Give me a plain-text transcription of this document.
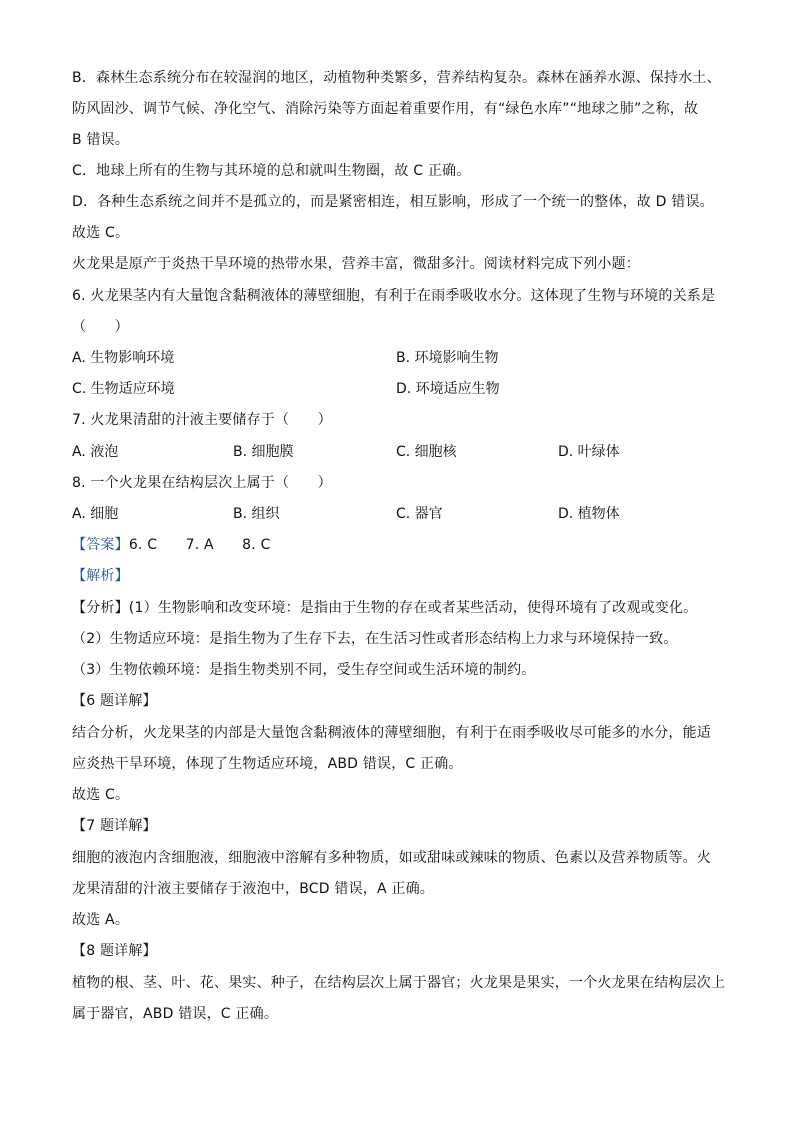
B．森林生态系统分布在较湿润的地区，动植物种类繁多，营养结构复杂。森林在涵养水源、保持水土、
防风固沙、调节气候、净化空气、消除污染等方面起着重要作用，有“绿色水库”“地球之肺”之称，故
B 错误。
C．地球上所有的生物与其环境的总和就叫生物圈，故 C 正确。
D．各种生态系统之间并不是孤立的，而是紧密相连，相互影响，形成了一个统一的整体，故 D 错误。
故选 C。
火龙果是原产于炎热干旱环境的热带水果，营养丰富，微甜多汁。阅读材料完成下列小题：
6. 火龙果茎内有大量饱含黏稠液体的薄壁细胞，有利于在雨季吸收水分。这体现了生物与环境的关系是
（　　）
A. 生物影响环境	B. 环境影响生物
C. 生物适应环境	D. 环境适应生物
7. 火龙果清甜的汁液主要储存于（　　）
A. 液泡	B. 细胞膜	C. 细胞核	D. 叶绿体
8. 一个火龙果在结构层次上属于（　　）
A. 细胞	B. 组织	C. 器官	D. 植物体
【答案】6. C　　7. A　　8. C
【解析】
【分析】(1）生物影响和改变环境：是指由于生物的存在或者某些活动，使得环境有了改观或变化。
（2）生物适应环境：是指生物为了生存下去，在生活习性或者形态结构上力求与环境保持一致。
（3）生物依赖环境：是指生物类别不同，受生存空间或生活环境的制约。
【6 题详解】
结合分析，火龙果茎的内部是大量饱含黏稠液体的薄壁细胞，有利于在雨季吸收尽可能多的水分，能适
应炎热干旱环境，体现了生物适应环境，ABD 错误，C 正确。
故选 C。
【7 题详解】
细胞的液泡内含细胞液，细胞液中溶解有多种物质，如或甜味或辣味的物质、色素以及营养物质等。火
龙果清甜的汁液主要储存于液泡中，BCD 错误，A 正确。
故选 A。
【8 题详解】
植物的根、茎、叶、花、果实、种子，在结构层次上属于器官；火龙果是果实，一个火龙果在结构层次上
属于器官，ABD 错误，C 正确。
